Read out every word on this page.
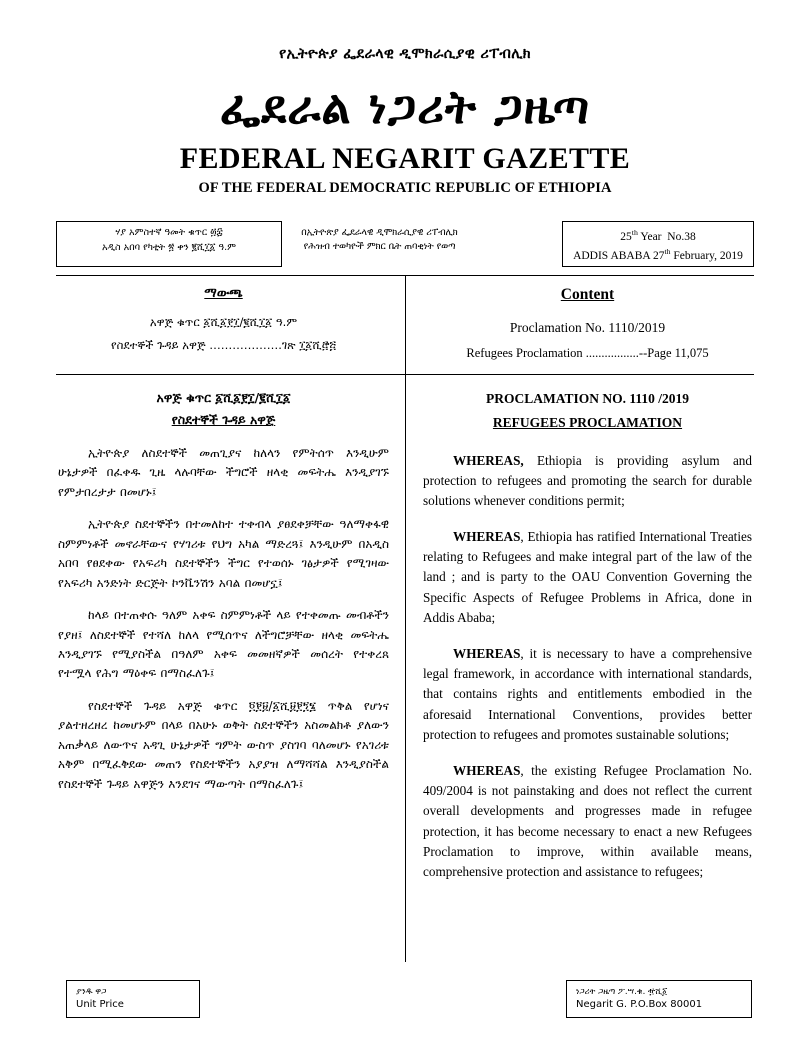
የኢትዮጵያ ፌደራላዊ ዲሞክራሲያዊ ሪፐብሊክ
ፌደራል ነጋሪት ጋዜጣ
FEDERAL NEGARIT GAZETTE
OF THE FEDERAL DEMOCRATIC REPUBLIC OF ETHIOPIA
ሃያ አምስተኛ ዓመት ቁጥር ፴፰
አዲስ አበባ የካቲት ፳ ቀን ፪ሺ፲፩ ዓ.ም
በኢትዮጵያ ፌደራላዊ ዲሞክራሲያዊ ሪፐብሊክ
የሕዝብ ተወካዮች ምክር ቤት ጠባቂነት የወጣ
25th Year No.38
ADDIS ABABA 27th February, 2019
ማውጫ
አዋጅ ቁጥር ፩ሺ፩፻፲/፪ሺ፲፩ ዓ.ም
የስደተኞች ጉዳይ አዋጅ ……………….ገጽ ፲፩ሺ፸፭
Content
Proclamation No. 1110/2019
Refugees Proclamation .................--Page 11,075
አዋጅ ቁጥር ፩ሺ፩፻፲/፪ሺ፲፩
የስደተኞች ጉዳይ አዋጅ

ኢትዮጵያ ለስደተኞች መጠጊያና ከለላን የምትሰጥ እንዲሁም ሁኔታዎች በፈቀዱ ጊዜ ላሉባቸው ችግሮች ዘላቂ መፍትሔ እንዲያገኙ የምታበረታታ በመሆኑ፤

ኢትዮጵያ ስደተኞችን በተመለከተ ተቀብላ ያፀደቀቻቸው ዓለማቀፋዊ ስምምነቶች መኖራቸውና የሃገሪቱ የህግ አካል ማድረጓ፤ እንዲሁም በአዲስ አበባ የፀደቀው የአፍሪካ ስደተኞችን ችግር የተወሰኑ ገፅታዎች የሚገዛው የአፍሪካ አንድነት ድርጅት ኮንቬንሽን አባል በመሆኗ፤

ከላይ በተጠቀሱ ዓለም አቀፍ ስምምነቶች ላይ የተቀመጡ መብቶችን የያዘ፤ ለስደተኞች የተሻለ ከለላ የሚሰጥና ለችግሮቻቸው ዘላቂ መፍትሔ እንዲያገኙ የሚያስችል በዓለም አቀፍ መመዘኛዎች መሰረት የተቀረጸ የተሟላ የሕግ ማዕቀፍ በማስፈለጉ፤

የስደተኞች ጉዳይ አዋጅ ቁጥር ፬፻፱/፩ሺ፱፻፺፮ ጥቅል የሆነና ያልተዘረዘረ ከመሆኑም በላይ በአሁኑ ወቅት ስደተኞችን አስመልክቶ ያለውን አጠቃላይ ለውጥና አዳጊ ሁኔታዎች ግምት ውስጥ ያስገባ ባለመሆኑ የአገሪቱ አቅም በሚፈቅደው መጠን የስደተኞችን አያያዝ ለማሻሻል እንዲያስችል የስደተኞች ጉዳይ አዋጅን እንደገና ማውጣት በማስፈለጉ፤

PROCLAMATION NO. 1110 /2019
REFUGEES PROCLAMATION

WHEREAS, Ethiopia is providing asylum and protection to refugees and promoting the search for durable solutions whenever conditions permit;

WHEREAS, Ethiopia has ratified International Treaties relating to Refugees and make integral part of the law of the land ; and is party to the OAU Convention Governing the Specific Aspects of Refugee Problems in Africa, done in Addis Ababa;

WHEREAS, it is necessary to have a comprehensive legal framework, in accordance with international standards, that contains rights and entitlements embodied in the aforesaid International Conventions, provides better protection to refugees and promotes sustainable solutions;

WHEREAS, the existing Refugee Proclamation No. 409/2004 is not painstaking and does not reflect the current overall developments and progresses made in refugee protection, it has become necessary to enact a new Refugees Proclamation to improve, within available means, comprehensive protection and assistance to refugees;

ያንዱ ዋጋ
Unit Price
ነጋሪት ጋዜጣ ፖ.ሣ.ቁ. ፹ሺ፩
Negarit G. P.O.Box 80001
